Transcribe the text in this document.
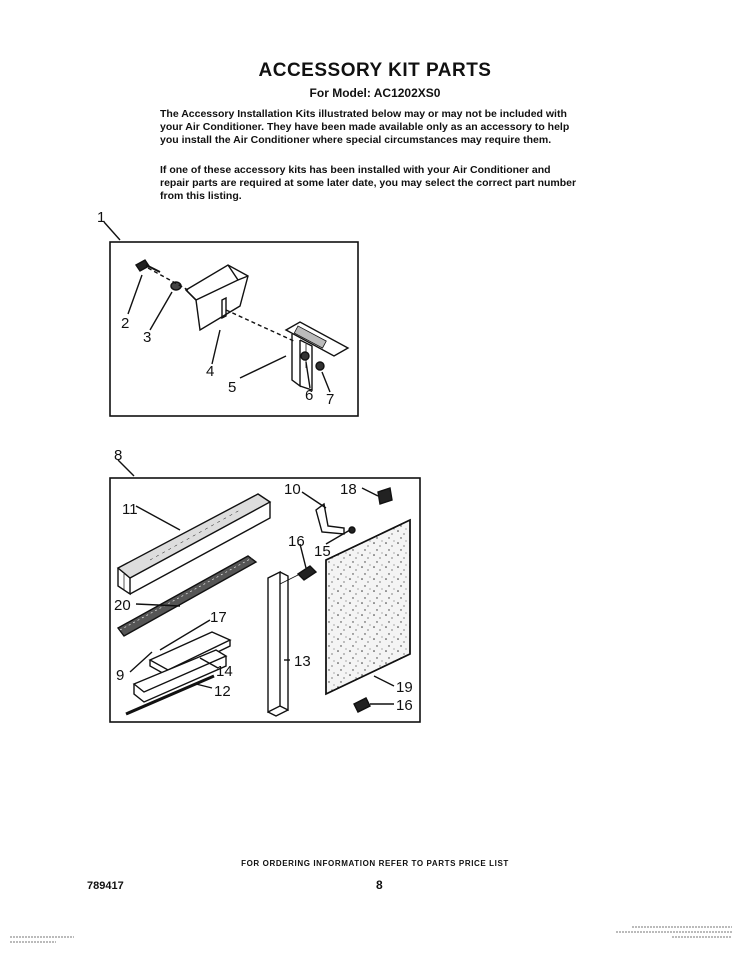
ACCESSORY KIT PARTS
For Model: AC1202XS0
The Accessory Installation Kits illustrated below may or may not be included with your Air Conditioner. They have been made available only as an accessory to help you install the Air Conditioner where special circumstances may require them.
If one of these accessory kits has been installed with your Air Conditioner and repair parts are required at some later date, you may select the correct part number from this listing.
1
2
3
4
5	6 7
8
11
10	18
16
15
20
17
9	14
12
13
19
16
FOR ORDERING INFORMATION REFER TO PARTS PRICE LIST
789417	8
